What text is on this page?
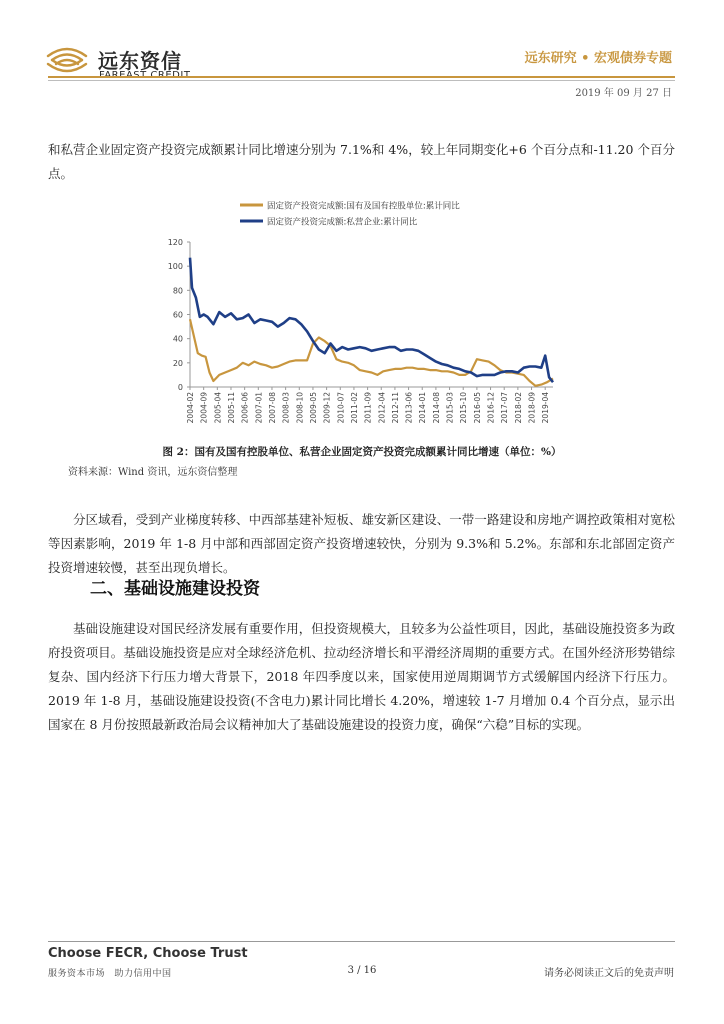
远东资信	远东研究 • 宏观债券专题
2019 年 09 月 27 日
和私营企业固定资产投资完成额累计同比增速分别为 7.1%和 4%，较上年同期变化+6 个百分点和-11.20 个百分点。
0
20
40
60
80
100
120
2004-02 2004-09 2005-04 2005-11 2006-06 2007-01 2007-08 2008-03 2008-10 2009-05 2009-12 2010-07 2011-02 2011-09 2012-04 2012-11 2013-06 2014-01 2014-08 2015-03 2015-10 2016-05 2016-12 2017-07 2018-02 2018-09 2019-04
固定资产投资完成额:国有及国有控股单位:累计同比
固定资产投资完成额:私营企业:累计同比
图 2：国有及国有控股单位、私营企业固定资产投资完成额累计同比增速（单位：%）
资料来源：Wind 资讯，远东资信整理
分区域看，受到产业梯度转移、中西部基建补短板、雄安新区建设、一带一路建设和房地产调控政策相对宽松等因素影响，2019 年 1-8 月中部和西部固定资产投资增速较快，分别为 9.3%和 5.2%。东部和东北部固定资产投资增速较慢，甚至出现负增长。
二、基础设施建设投资
基础设施建设对国民经济发展有重要作用，但投资规模大，且较多为公益性项目，因此，基础设施投资多为政府投资项目。基础设施投资是应对全球经济危机、拉动经济增长和平滑经济周期的重要方式。在国外经济形势错综复杂、国内经济下行压力增大背景下，2018 年四季度以来，国家使用逆周期调节方式缓解国内经济下行压力。2019 年 1-8 月，基础设施建设投资(不含电力)累计同比增长 4.20%，增速较 1-7 月增加 0.4 个百分点，显示出国家在 8 月份按照最新政治局会议精神加大了基础设施建设的投资力度，确保“六稳”目标的实现。
Choose FECR, Choose Trust
服务资本市场　助力信用中国	3 / 16	请务必阅读正文后的免责声明
